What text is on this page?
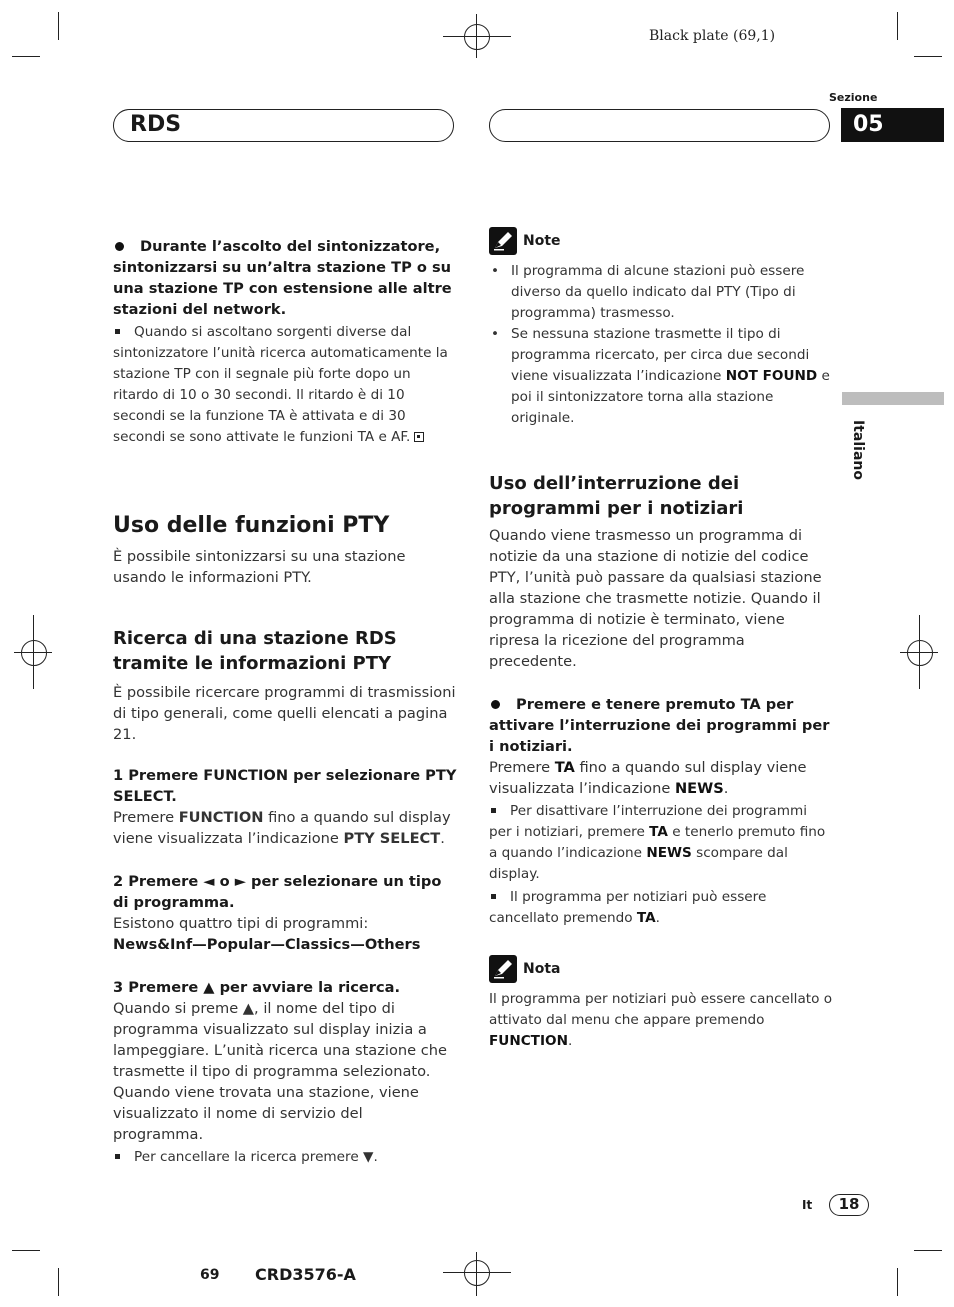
Black plate (69,1)
RDS
Sezione
05
Italiano

Durante l’ascolto del sintonizzatore, sintonizzarsi su un’altra stazione TP o su una stazione TP con estensione alle altre stazioni del network.

Quando si ascoltano sorgenti diverse dal sintonizzatore l’unità ricerca automaticamente la stazione TP con il segnale più forte dopo un ritardo di 10 o 30 secondi. Il ritardo è di 10 secondi se la funzione TA è attivata e di 30 secondi se sono attivate le funzioni TA e AF.

Uso delle funzioni PTY

È possibile sintonizzarsi su una stazione usando le informazioni PTY.

Ricerca di una stazione RDS tramite le informazioni PTY

È possibile ricercare programmi di trasmissioni di tipo generali, come quelli elencati a pagina 21.

1 Premere FUNCTION per selezionare PTY SELECT.

Premere FUNCTION fino a quando sul display viene visualizzata l’indicazione PTY SELECT.

2 Premere ◄ o ► per selezionare un tipo di programma.

Esistono quattro tipi di programmi:

News&Inf—Popular—Classics—Others

3 Premere ▲ per avviare la ricerca.

Quando si preme ▲, il nome del tipo di programma visualizzato sul display inizia a lampeggiare. L’unità ricerca una stazione che trasmette il tipo di programma selezionato. Quando viene trovata una stazione, viene visualizzato il nome di servizio del programma.

Per cancellare la ricerca premere ▼.

Note

• Il programma di alcune stazioni può essere diverso da quello indicato dal PTY (Tipo di programma) trasmesso.

• Se nessuna stazione trasmette il tipo di programma ricercato, per circa due secondi viene visualizzata l’indicazione NOT FOUND e poi il sintonizzatore torna alla stazione originale.

Uso dell’interruzione dei programmi per i notiziari

Quando viene trasmesso un programma di notizie da una stazione di notizie del codice PTY, l’unità può passare da qualsiasi stazione alla stazione che trasmette notizie. Quando il programma di notizie è terminato, viene ripresa la ricezione del programma precedente.

Premere e tenere premuto TA per attivare l’interruzione dei programmi per i notiziari.

Premere TA fino a quando sul display viene visualizzata l’indicazione NEWS.

Per disattivare l’interruzione dei programmi per i notiziari, premere TA e tenerlo premuto fino a quando l’indicazione NEWS scompare dal display.

Il programma per notiziari può essere cancellato premendo TA.

Nota

Il programma per notiziari può essere cancellato o attivato dal menu che appare premendo FUNCTION.

It	18
69 CRD3576-A
